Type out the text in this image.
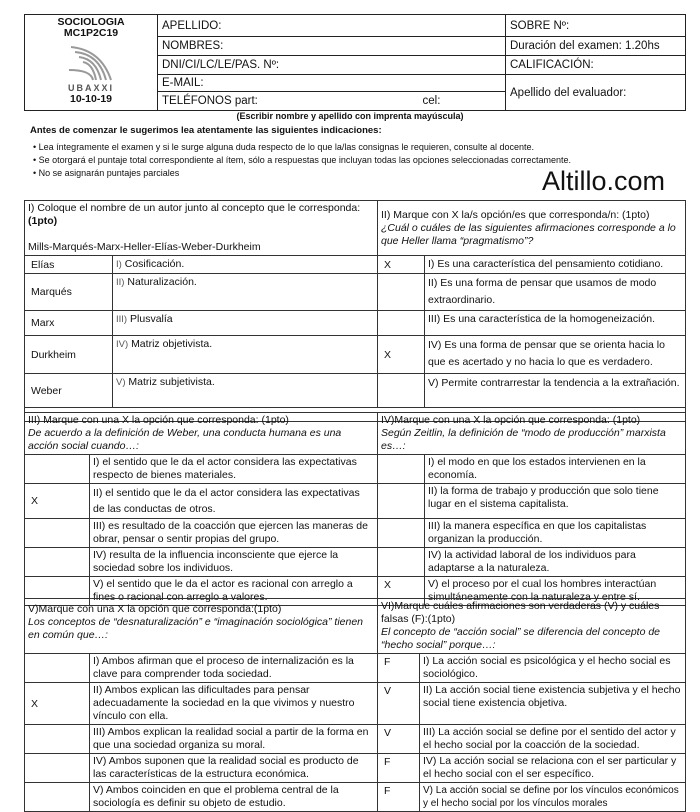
SOCIOLOGIA
MC1P2C19
UBAXXI
10-10-19	APELLIDO:	SOBRE Nº:
	NOMBRES:	Duración del examen: 1.20hs
	DNI/CI/LC/LE/PAS. Nº:	CALIFICACIÓN:
	E-MAIL:	Apellido del evaluador:
	TELÉFONOS part: cel:	
(Escribir nombre y apellido con imprenta mayúscula)
Antes de comenzar le sugerimos lea atentamente las siguientes indicaciones:
• Lea íntegramente el examen y si le surge alguna duda respecto de lo que la/las consignas le requieren, consulte al docente.
• Se otorgará el puntaje total correspondiente al ítem, sólo a respuestas que incluyan todas las opciones seleccionadas correctamente.
• No se asignarán puntajes parciales	Altillo.com
I) Coloque el nombre de un autor junto al concepto que le corresponda:(1pto)

Mills-Marqués-Marx-Heller-Elías-Weber-Durkheim		II) Marque con X la/s opción/es que corresponda/n: (1pto)
¿Cuál o cuáles de las siguientes afirmaciones corresponde a lo que Heller llama “pragmatismo”?	

Elías	I) Cosificación.	X	I) Es una característica del pensamiento cotidiano.
Marqués	II) Naturalización.		II) Es una forma de pensar que usamos de modo extraordinario.
Marx	III) Plusvalía		III) Es una característica de la homogeneización.
Durkheim	IV) Matriz objetivista.	X	IV) Es una forma de pensar que se orienta hacia lo que es acertado y no hacia lo que es verdadero.
Weber	V) Matriz subjetivista.		V) Permite contrarrestar la tendencia a la extrañación.

III) Marque con una X la opción que corresponda: (1pto)
De acuerdo a la definición de Weber, una conducta humana es una acción social cuando…:		IV)Marque con una X la opción que corresponda: (1pto)
Según Zeitlin, la definición de “modo de producción” marxista es…:	

	I) el sentido que le da el actor considera las expectativas respecto de bienes materiales.		I) el modo en que los estados intervienen en la economía.
X	II) el sentido que le da el actor considera las expectativas de las conductas de otros.		II) la forma de trabajo y producción que solo tiene lugar en el sistema capitalista.
	III) es resultado de la coacción que ejercen las maneras de obrar, pensar o sentir propias del grupo.		III) la manera específica en que los capitalistas organizan la producción.
	IV) resulta de la influencia inconsciente que ejerce la sociedad sobre los individuos.		IV) la actividad laboral de los individuos para adaptarse a la naturaleza.
	V) el sentido que le da el actor es racional con arreglo a fines o racional con arreglo a valores.	X	V) el proceso por el cual los hombres interactúan simultáneamente con la naturaleza y entre sí.
V)Marque con una X la opción que corresponda:(1pto)
Los conceptos de “desnaturalización” e “imaginación sociológica” tienen en común que…:		VI)Marque cuáles afirmaciones son verdaderas (V) y cuáles falsas (F):(1pto)
El concepto de “acción social” se diferencia del concepto de “hecho social” porque…:	

	I) Ambos afirman que el proceso de internalización es la clave para comprender toda sociedad.	F	I) La acción social es psicológica y el hecho social es sociológico.
X	II) Ambos explican las dificultades para pensar adecuadamente la sociedad en la que vivimos y nuestro vínculo con ella.	V	II) La acción social tiene existencia subjetiva y el hecho social tiene existencia objetiva.
	III) Ambos explican la realidad social a partir de la forma en que una sociedad organiza su moral.	V	III) La acción social se define por el sentido del actor y el hecho social por la coacción de la sociedad.
	IV) Ambos suponen que la realidad social es producto de las características de la estructura económica.	F	IV) La acción social se relaciona con el ser particular y el hecho social con el ser específico.
	V) Ambos coinciden en que el problema central de la sociología es definir su objeto de estudio.	F	V) La acción social se define por los vínculos económicos y el hecho social por los vínculos morales
